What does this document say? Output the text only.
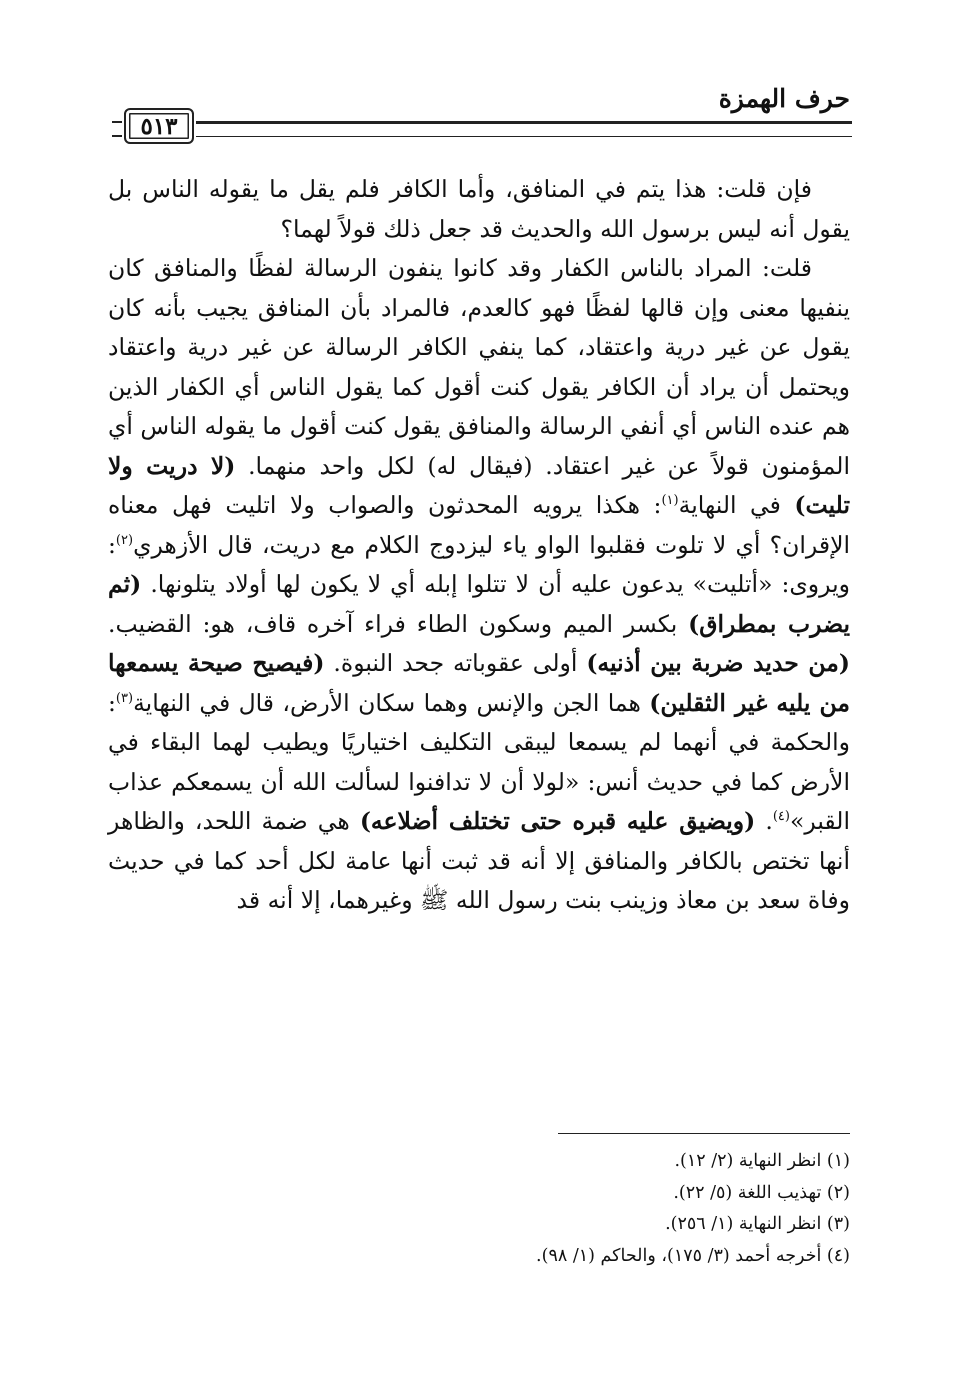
حرف الهمزة
٥١٣

فإن قلت: هذا يتم في المنافق، وأما الكافر فلم يقل ما يقوله الناس بل يقول أنه ليس برسول الله والحديث قد جعل ذلك قولاً لهما؟

قلت: المراد بالناس الكفار وقد كانوا ينفون الرسالة لفظًا والمنافق كان ينفيها معنى وإن قالها لفظًا فهو كالعدم، فالمراد بأن المنافق يجيب بأنه كان يقول عن غير درية واعتقاد، كما ينفي الكافر الرسالة عن غير درية واعتقاد ويحتمل أن يراد أن الكافر يقول كنت أقول كما يقول الناس أي الكفار الذين هم عنده الناس أي أنفي الرسالة والمنافق يقول كنت أقول ما يقوله الناس أي المؤمنون قولاً عن غير اعتقاد. (فيقال له) لكل واحد منهما. (لا دريت ولا تليت) في النهاية$^{(١)}$: هكذا يرويه المحدثون والصواب ولا اتليت فهل معناه الإقران؟ أي لا تلوت فقلبوا الواو ياء ليزدوج الكلام مع دريت، قال الأزهري$^{(٢)}$: ويروى: «أتليت» يدعون عليه أن لا تتلوا إبله أي لا يكون لها أولاد يتلونها. (ثم يضرب بمطراق) بكسر الميم وسكون الطاء فراء آخره قاف، هو: القضيب. (من حديد ضربة بين أذنيه) أولى عقوباته جحد النبوة. (فيصيح صيحة يسمعها من يليه غير الثقلين) هما الجن والإنس وهما سكان الأرض، قال في النهاية$^{(٣)}$: والحكمة في أنهما لم يسمعا ليبقى التكليف اختياريًا ويطيب لهما البقاء في الأرض كما في حديث أنس: «لولا أن لا تدافنوا لسألت الله أن يسمعكم عذاب القبر»$^{(٤)}$. (ويضيق عليه قبره حتى تختلف أضلاعه) هي ضمة اللحد، والظاهر أنها تختص بالكافر والمنافق إلا أنه قد ثبت أنها عامة لكل أحد كما في حديث وفاة سعد بن معاذ وزينب بنت رسول الله ﷺ وغيرهما، إلا أنه قد

(١) انظر النهاية (٢/ ١٢).
(٢) تهذيب اللغة (٥/ ٢٢).
(٣) انظر النهاية (١/ ٢٥٦).
(٤) أخرجه أحمد (٣/ ١٧٥)، والحاكم (١/ ٩٨).
